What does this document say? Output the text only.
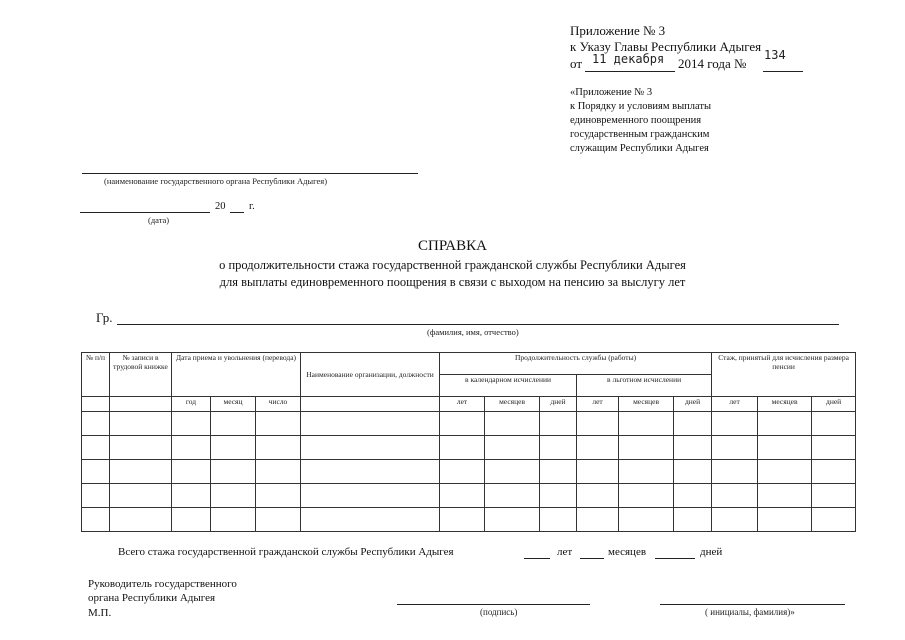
Приложение № 3
к Указу Главы Республики Адыгея
от 11 декабря 2014 года №
134
«Приложение № 3
к Порядку и условиям выплаты
единовременного поощрения
государственным гражданским
служащим Республики Адыгея
(наименование государственного органа Республики Адыгея)
20 г.
(дата)
СПРАВКА
о продолжительности стажа государственной гражданской службы Республики Адыгея
для выплаты единовременного поощрения в связи с выходом на пенсию за выслугу лет
Гр.
(фамилия, имя, отчество)
№ п/п	№ записи в трудовой книжке	Дата приема и увольнения (перевода)			Наименование организации, должности	Продолжительность службы (работы)						Стаж, принятый для исчисления размера пенсии		
						в календарном исчислении			в льготном исчислении					
		год	месяц	число		лет	месяцев	дней	лет	месяцев	дней	лет	месяцев	дней

Всего стажа государственной гражданской службы Республики Адыгея	лет	месяцев	дней
Руководитель государственного
органа Республики Адыгея
М.П.	(подпись)	( инициалы, фамилия)»
